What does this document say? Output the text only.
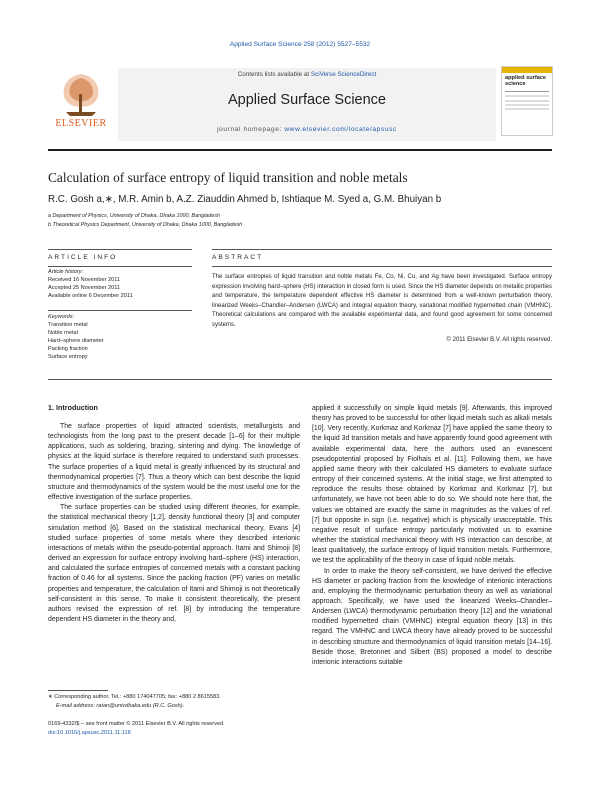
Applied Surface Science 258 (2012) 5527–5532
ELSEVIER
Contents lists available at SciVerse ScienceDirect
Applied Surface Science
journal homepage: www.elsevier.com/locate/apsusc
applied surface science
Calculation of surface entropy of liquid transition and noble metals
R.C. Gosh a,∗, M.R. Amin b, A.Z. Ziauddin Ahmed b, Ishtiaque M. Syed a, G.M. Bhuiyan b
a Department of Physics, University of Dhaka, Dhaka 1000, Bangladesh
b Theoretical Physics Department, University of Dhaka, Dhaka 1000, Bangladesh
ARTICLE INFO
Article history:
Received 16 November 2011
Accepted 25 November 2011
Available online 6 December 2011
Keywords:
Transition metal
Noble metal
Hard–sphere diameter
Packing fraction
Surface entropy
ABSTRACT
The surface entropies of liquid transition and noble metals Fe, Co, Ni, Cu, and Ag have been investigated. Surface entropy expression involving hard–sphere (HS) interaction in closed form is used. Since the HS diameter depends on metallic properties and temperature, the temperature dependent effective HS diameter is determined from a well-known perturbation theory, linearized Weeks–Chandler–Andersen (LWCA) and integral equation theory, variational modified hypernetted chain (VMHNC). Theoretical calculations are compared with the available experimental data, and found good agreement for some concerned systems.
© 2011 Elsevier B.V. All rights reserved.
1. Introduction

The surface properties of liquid attracted scientists, metallurgists and technologists from the long past to the present decade [1–6] for their multiple applications, such as soldering, brazing, sintering and dying. The knowledge of physics at the liquid surface is therefore required to understand such processes. The surface properties of a liquid metal is greatly influenced by its structural and thermodynamical properties [7]. Thus a theory which can best describe the liquid structure and thermodynamics of the system would be the most useful one for the effective investigation of the surface properties.

The surface properties can be studied using different theories, for example, the statistical mechanical theory [1,2], density functional theory [3] and computer simulation method [6]. Based on the statistical mechanical theory, Evans [4] studied surface properties of some metals where they described interionic interactions of metals within the pseudo-potential approach. Itami and Shimoji [8] derived an expression for surface entropy involving hard–sphere (HS) interaction, and calculated the surface entropies of concerned metals with a constant packing fraction of 0.46 for all systems. Since the packing fraction (PF) varies on metallic properties and temperature, the calculation of Itami and Shimoji is not theoretically self-consistent in this sense. To make it consistent theoretically, the present authors revised the expression of ref. [8] by introducing the temperature dependent HS diameter in the theory and,

applied it successfully on simple liquid metals [9]. Afterwards, this improved theory has proved to be successful for other liquid metals such as alkali metals [10]. Very recently, Korkmaz and Korkmaz [7] have applied the same theory to the liquid 3d transition metals and have apparently found good agreement with available experimental data, here the authors used an evanescent pseudopotential proposed by Fiolhais et al. [11]. Following them, we have applied same theory with their calculated HS diameters to evaluate surface entropy of their concerned systems. At the initial stage, we first attempted to reproduce the results those obtained by Korkmaz and Korkmaz [7], but unfortunately, we have not been able to do so. We should note here that, the values we obtained are exactly the same in magnitudes as the values of ref. [7] but opposite in sign (i.e. negative) which is physically unacceptable. This negative result of surface entropy particularly motivated us to examine whether the statistical mechanical theory with HS interaction can describe, at least qualitatively, the surface entropy of liquid transition metals. Furthermore, we test the applicability of the theory in case of liquid noble metals.

In order to make the theory self-consistent, we have derived the effective HS diameter or packing fraction from the knowledge of interionic interactions and, employing the thermodynamic perturbation theory as well as variational approach. Specifically, we have used the linearized Weeks–Chandler–Andersen (LWCA) thermodynamic perturbation theory [12] and the variational modified hypernetted chain (VMHNC) integral equation theory [13] in this regard. The VMHNC and LWCA theory have already proved to be successful in describing structure and thermodynamics of liquid transition metals [14–16]. Beside those, Bretonnet and Silbert (BS) proposed a model to describe interionic interactions suitable

∗ Corresponding author. Tel.: +880 174047705; fax: +880 2 8615583.
E-mail address: ratan@univdhaka.edu (R.C. Gosh).
0169-4332/$ – see front matter © 2011 Elsevier B.V. All rights reserved.
doi:10.1016/j.apsusc.2011.11.118
